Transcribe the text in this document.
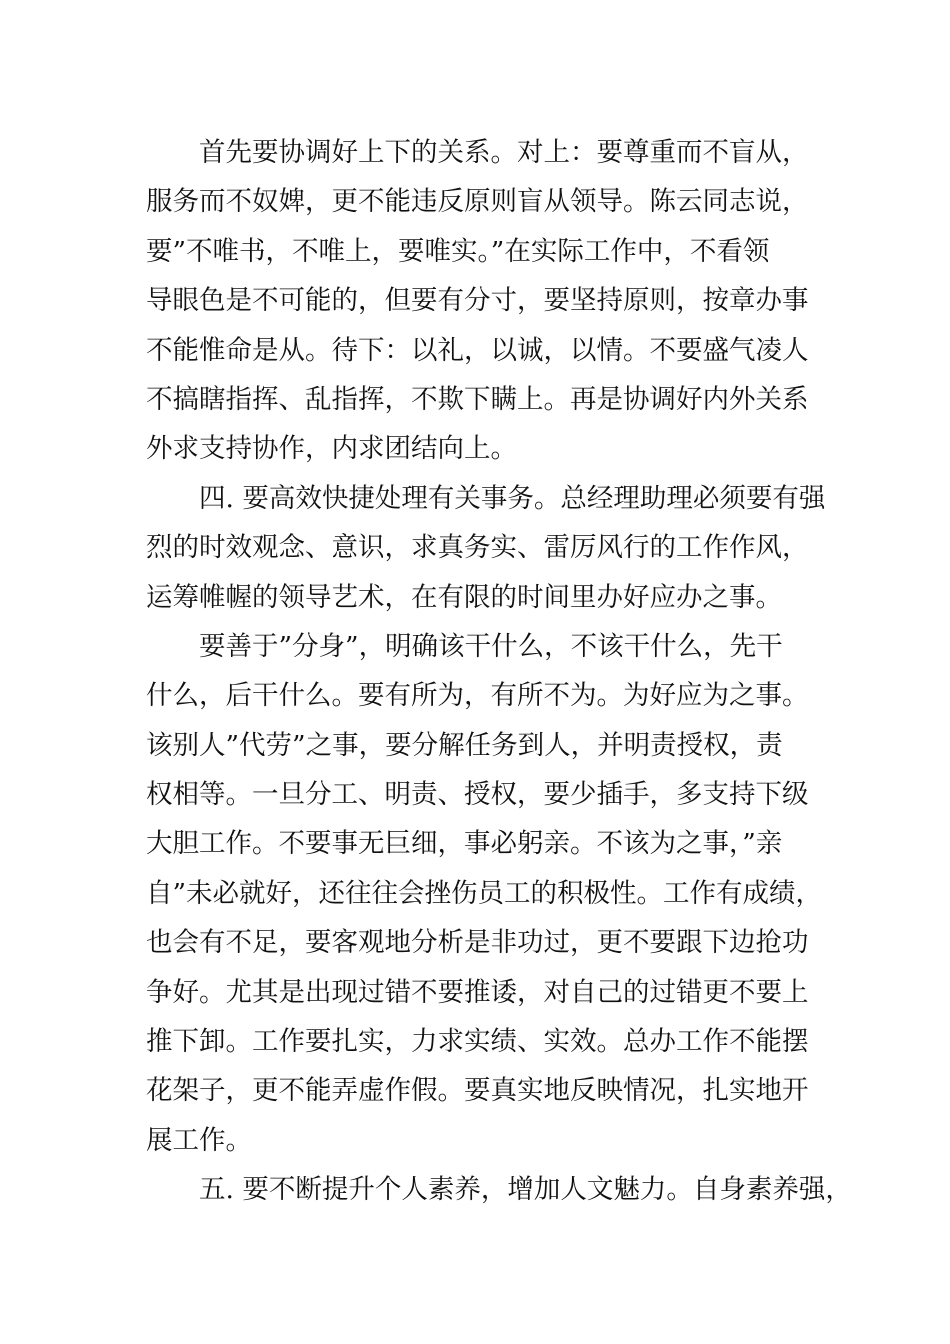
首先要协调好上下的关系。对上：要尊重而不盲从，
服务而不奴婢，更不能违反原则盲从领导。陈云同志说，
要”不唯书，不唯上，要唯实。”在实际工作中，不看领
导眼色是不可能的，但要有分寸，要坚持原则，按章办事
不能惟命是从。待下：以礼，以诚，以情。不要盛气凌人
不搞瞎指挥、乱指挥，不欺下瞒上。再是协调好内外关系
外求支持协作，内求团结向上。
四. 要高效快捷处理有关事务。总经理助理必须要有强
烈的时效观念、意识，求真务实、雷厉风行的工作作风，
运筹帷幄的领导艺术，在有限的时间里办好应办之事。
要善于”分身”，明确该干什么，不该干什么，先干
什么，后干什么。要有所为，有所不为。为好应为之事。
该别人”代劳”之事，要分解任务到人，并明责授权，责
权相等。一旦分工、明责、授权，要少插手，多支持下级
大胆工作。不要事无巨细，事必躬亲。不该为之事，”亲
自”未必就好，还往往会挫伤员工的积极性。工作有成绩，
也会有不足，要客观地分析是非功过，更不要跟下边抢功
争好。尤其是出现过错不要推诿，对自己的过错更不要上
推下卸。工作要扎实，力求实绩、实效。总办工作不能摆
花架子，更不能弄虚作假。要真实地反映情况，扎实地开
展工作。
五. 要不断提升个人素养，增加人文魅力。自身素养强，
